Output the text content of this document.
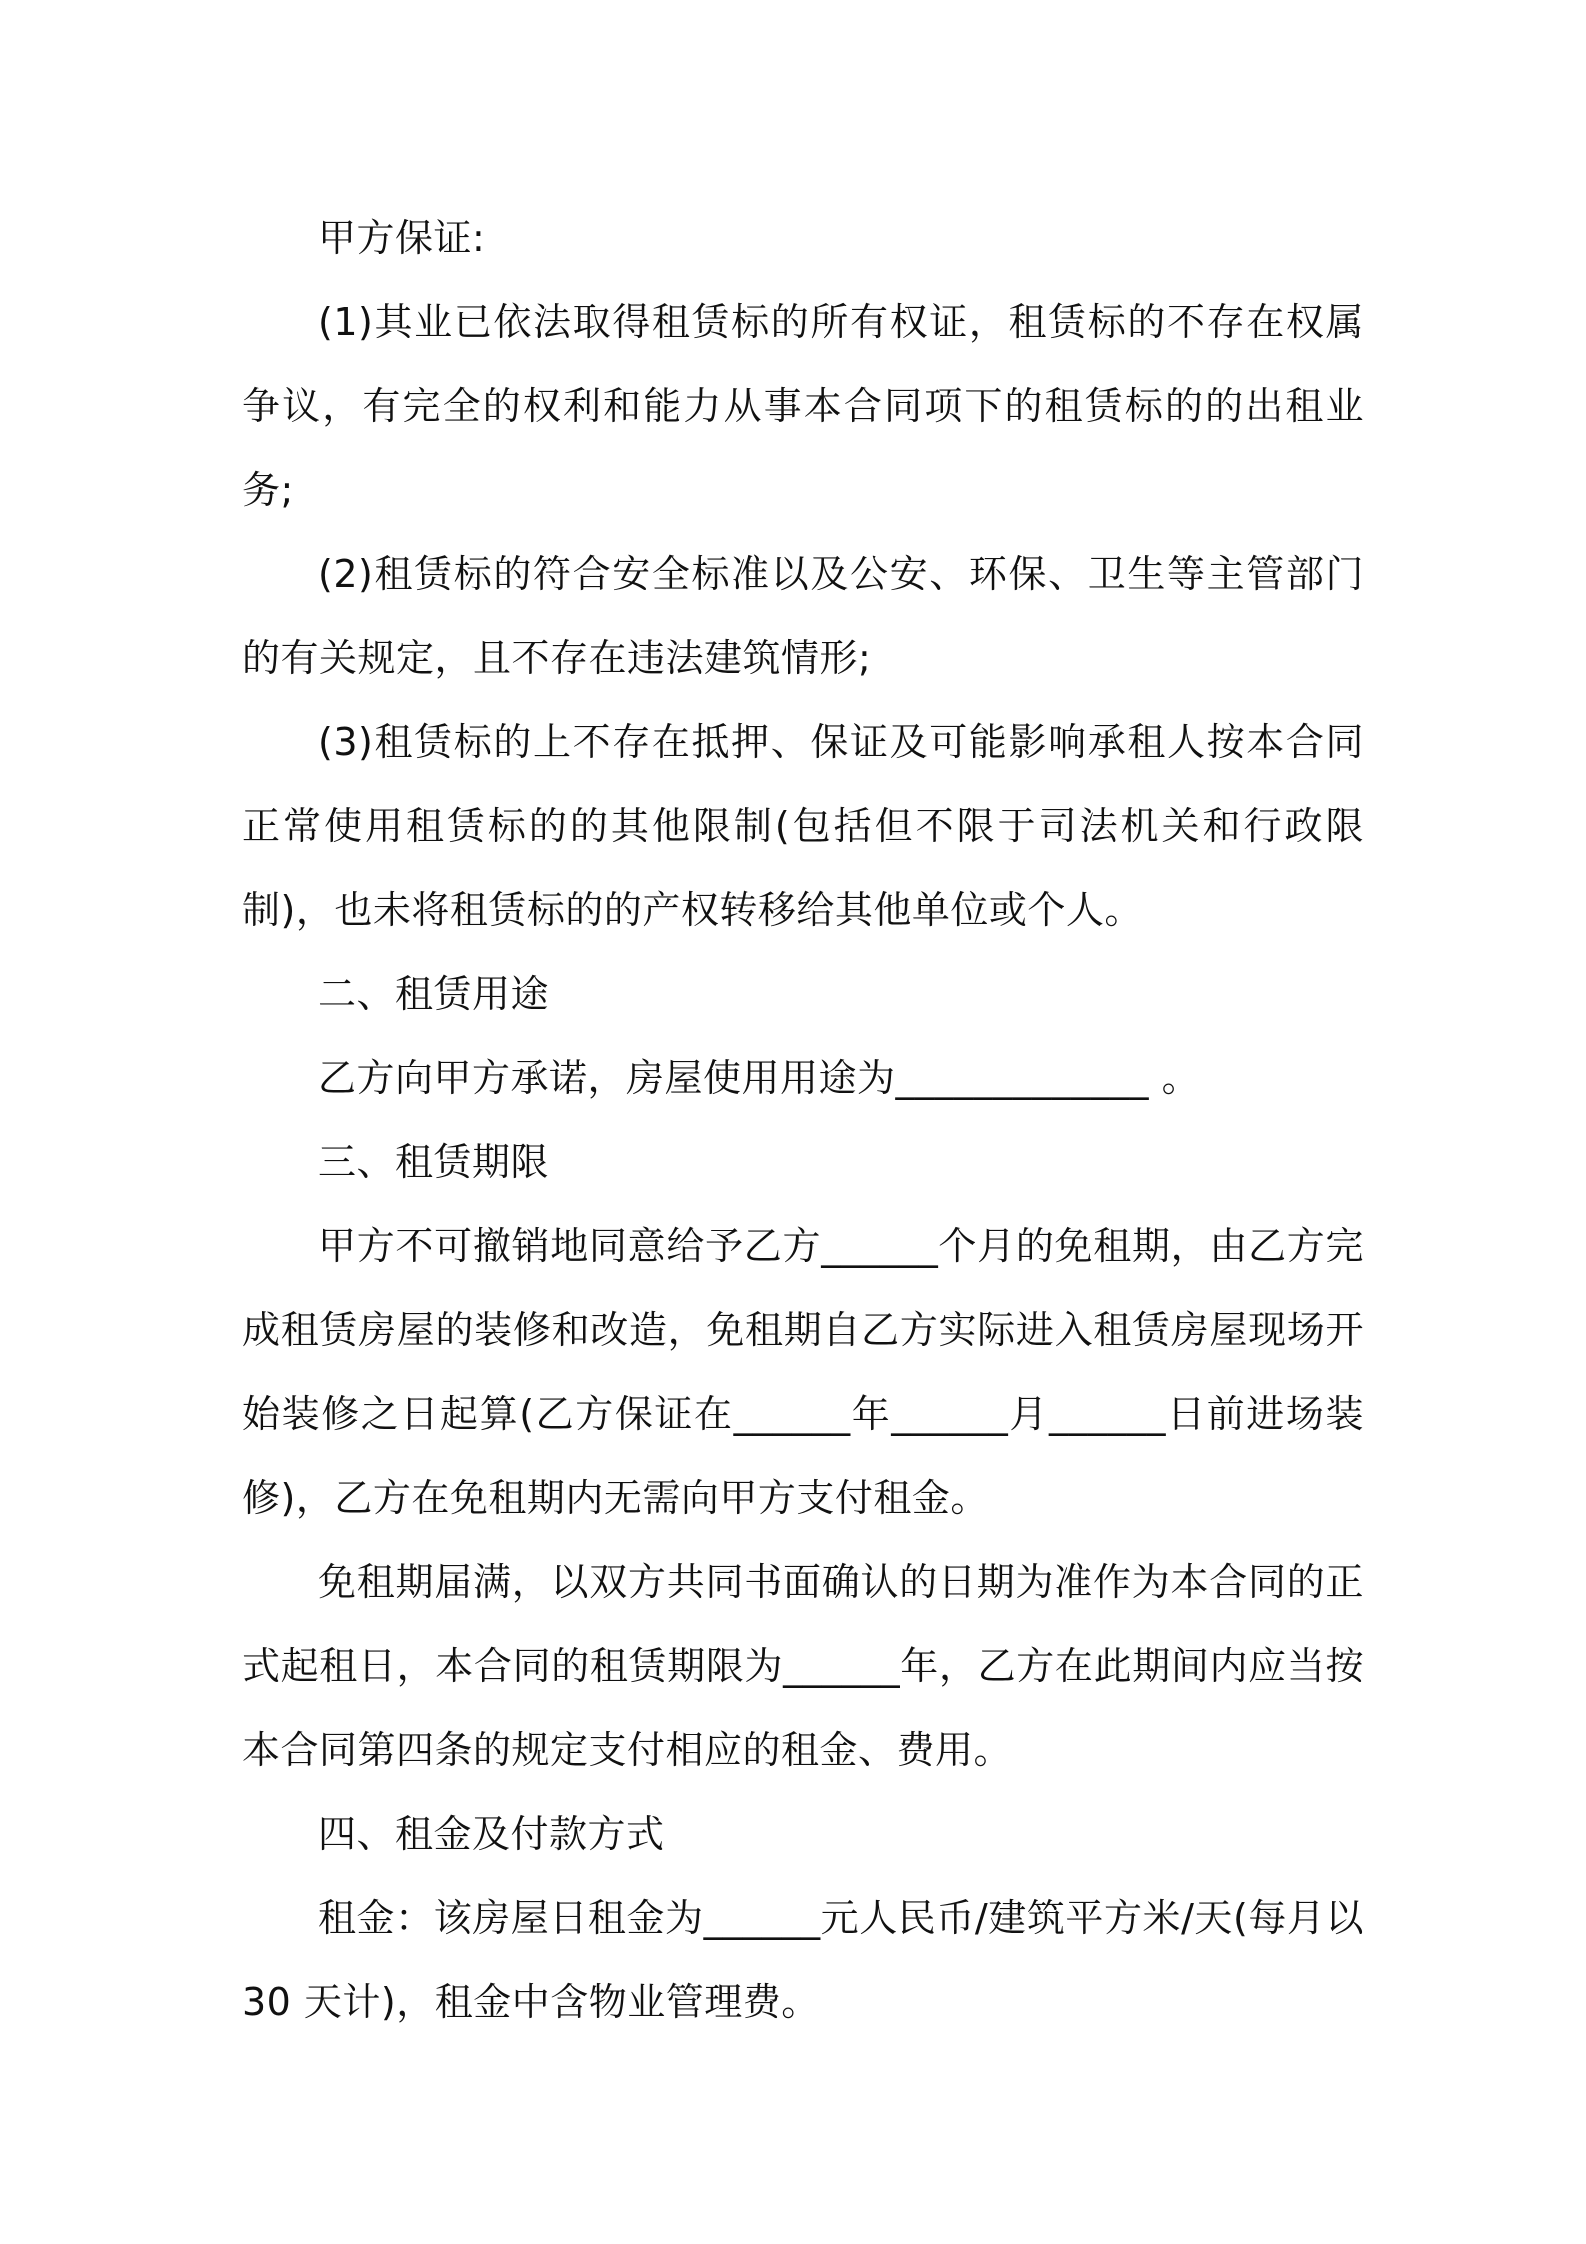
甲方保证:

(1)其业已依法取得租赁标的所有权证，租赁标的不存在权属争议，有完全的权利和能力从事本合同项下的租赁标的的出租业务;

(2)租赁标的符合安全标准以及公安、环保、卫生等主管部门的有关规定，且不存在违法建筑情形;

(3)租赁标的上不存在抵押、保证及可能影响承租人按本合同正常使用租赁标的的其他限制(包括但不限于司法机关和行政限制)，也未将租赁标的的产权转移给其他单位或个人。

二、租赁用途

乙方向甲方承诺，房屋使用用途为_____________ 。

三、租赁期限

甲方不可撤销地同意给予乙方______个月的免租期，由乙方完成租赁房屋的装修和改造，免租期自乙方实际进入租赁房屋现场开始装修之日起算(乙方保证在______年______月______日前进场装修)，乙方在免租期内无需向甲方支付租金。

免租期届满，以双方共同书面确认的日期为准作为本合同的正式起租日，本合同的租赁期限为______年，乙方在此期间内应当按本合同第四条的规定支付相应的租金、费用。

四、租金及付款方式

租金：该房屋日租金为______元人民币/建筑平方米/天(每月以 30 天计)，租金中含物业管理费。
